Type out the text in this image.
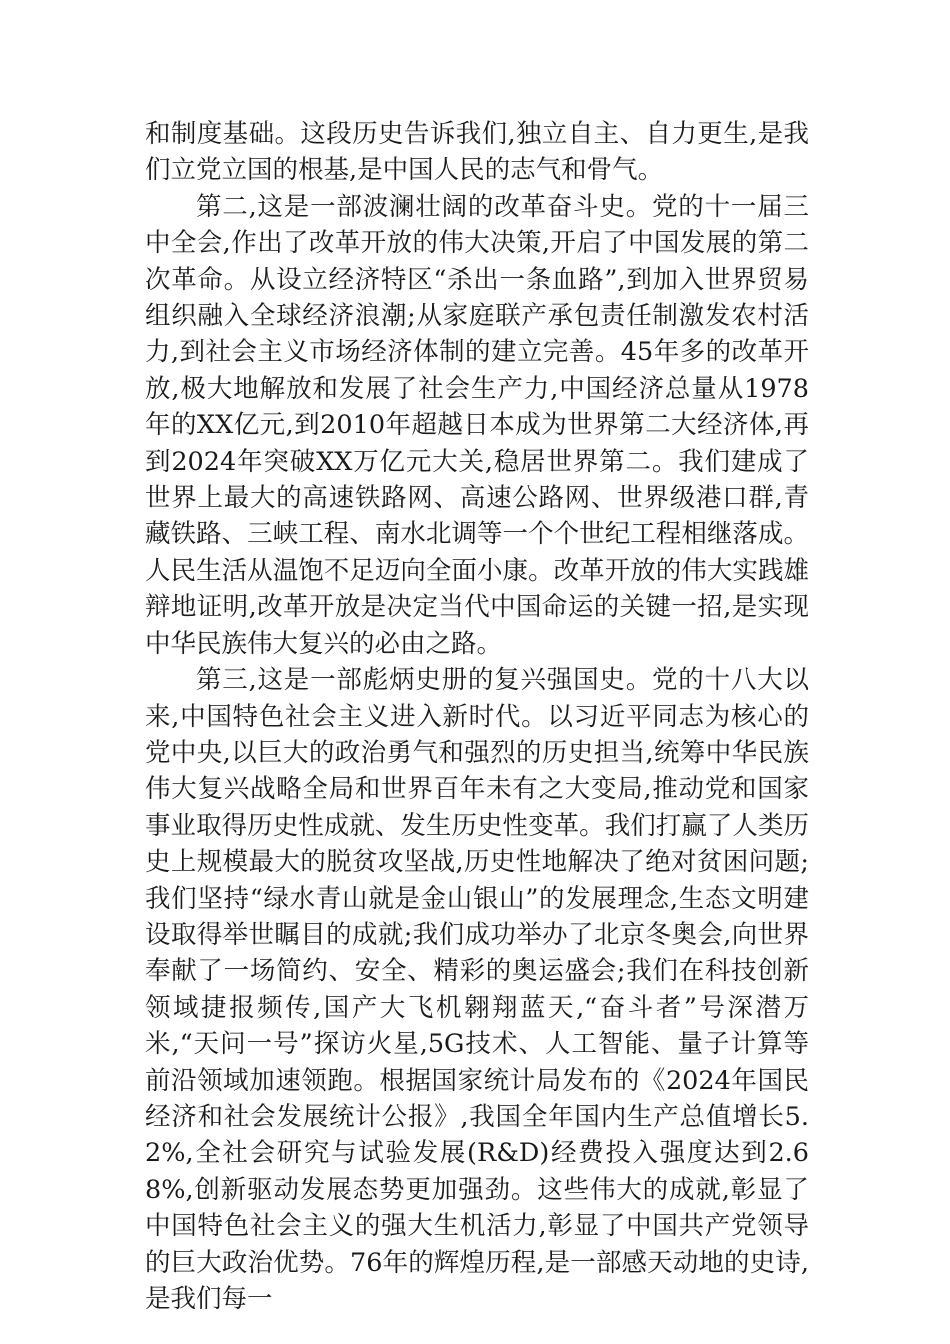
和制度基础。这段历史告诉我们,独立自主、自力更生,是我们立党立国的根基,是中国人民的志气和骨气。

第二,这是一部波澜壮阔的改革奋斗史。党的十一届三中全会,作出了改革开放的伟大决策,开启了中国发展的第二次革命。从设立经济特区“杀出一条血路”,到加入世界贸易组织融入全球经济浪潮;从家庭联产承包责任制激发农村活力,到社会主义市场经济体制的建立完善。45年多的改革开放,极大地解放和发展了社会生产力,中国经济总量从1978年的XX亿元,到2010年超越日本成为世界第二大经济体,再到2024年突破XX万亿元大关,稳居世界第二。我们建成了世界上最大的高速铁路网、高速公路网、世界级港口群,青藏铁路、三峡工程、南水北调等一个个世纪工程相继落成。人民生活从温饱不足迈向全面小康。改革开放的伟大实践雄辩地证明,改革开放是决定当代中国命运的关键一招,是实现中华民族伟大复兴的必由之路。

第三,这是一部彪炳史册的复兴强国史。党的十八大以来,中国特色社会主义进入新时代。以习近平同志为核心的党中央,以巨大的政治勇气和强烈的历史担当,统筹中华民族伟大复兴战略全局和世界百年未有之大变局,推动党和国家事业取得历史性成就、发生历史性变革。我们打赢了人类历史上规模最大的脱贫攻坚战,历史性地解决了绝对贫困问题;我们坚持“绿水青山就是金山银山”的发展理念,生态文明建设取得举世瞩目的成就;我们成功举办了北京冬奥会,向世界奉献了一场简约、安全、精彩的奥运盛会;我们在科技创新领域捷报频传,国产大飞机翱翔蓝天,“奋斗者”号深潜万米,“天问一号”探访火星,5G技术、人工智能、量子计算等前沿领域加速领跑。根据国家统计局发布的《2024年国民经济和社会发展统计公报》,我国全年国内生产总值增长5.2%,全社会研究与试验发展(R&D)经费投入强度达到2.68%,创新驱动发展态势更加强劲。这些伟大的成就,彰显了中国特色社会主义的强大生机活力,彰显了中国共产党领导的巨大政治优势。76年的辉煌历程,是一部感天动地的史诗,是我们每一
